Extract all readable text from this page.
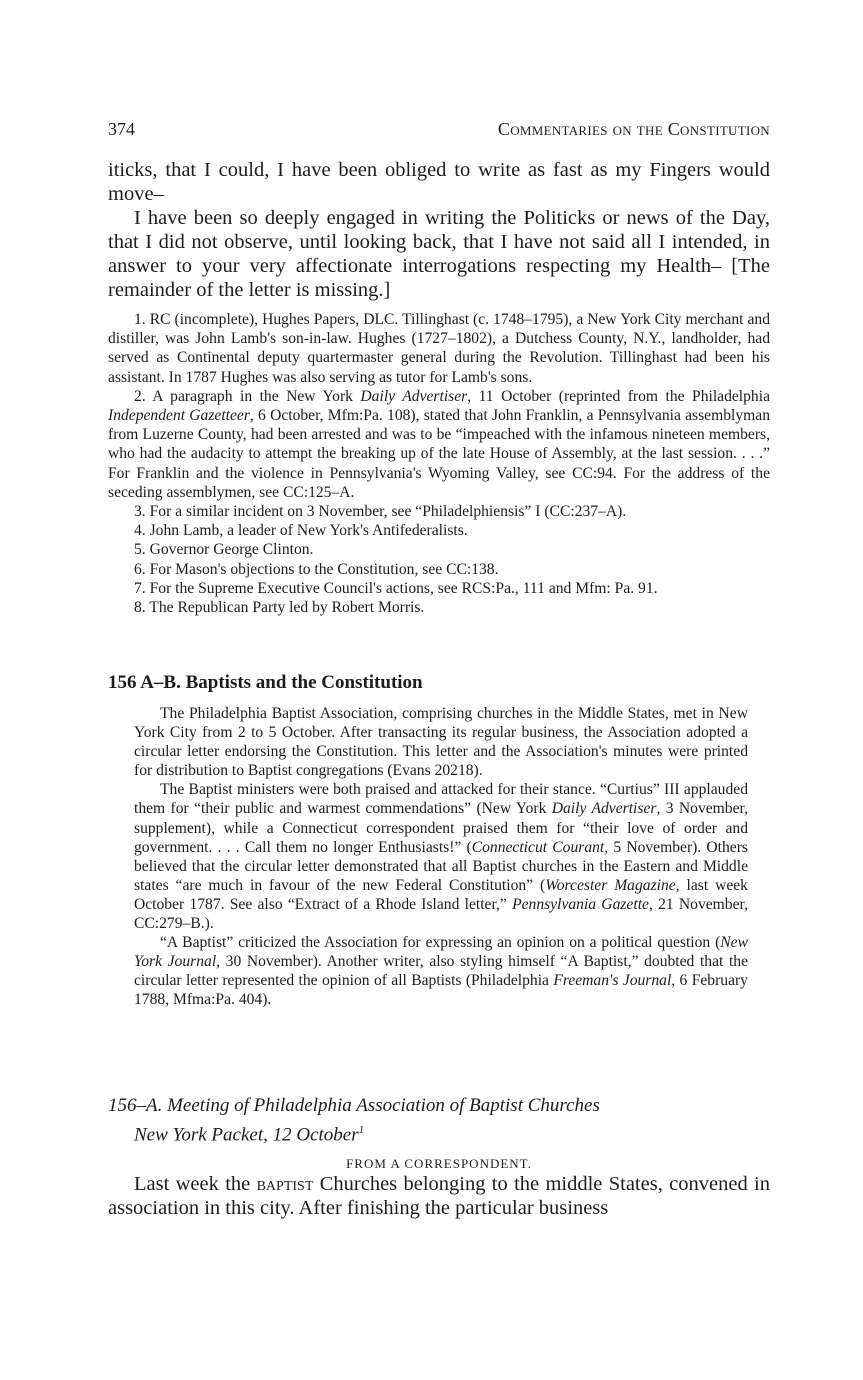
374	Commentaries on the Constitution

iticks, that I could, I have been obliged to write as fast as my Fingers would move–

I have been so deeply engaged in writing the Politicks or news of the Day, that I did not observe, until looking back, that I have not said all I intended, in answer to your very affectionate interrogations respecting my Health– [The remainder of the letter is missing.]

1. RC (incomplete), Hughes Papers, DLC. Tillinghast (c. 1748–1795), a New York City merchant and distiller, was John Lamb's son-in-law. Hughes (1727–1802), a Dutchess County, N.Y., landholder, had served as Continental deputy quartermaster general during the Revolution. Tillinghast had been his assistant. In 1787 Hughes was also serving as tutor for Lamb's sons.

2. A paragraph in the New York Daily Advertiser, 11 October (reprinted from the Philadelphia Independent Gazetteer, 6 October, Mfm:Pa. 108), stated that John Franklin, a Pennsylvania assemblyman from Luzerne County, had been arrested and was to be “impeached with the infamous nineteen members, who had the audacity to attempt the breaking up of the late House of Assembly, at the last session. . . .” For Franklin and the violence in Pennsylvania's Wyoming Valley, see CC:94. For the address of the seceding assemblymen, see CC:125–A.

3. For a similar incident on 3 November, see “Philadelphiensis” I (CC:237–A).

4. John Lamb, a leader of New York's Antifederalists.

5. Governor George Clinton.

6. For Mason's objections to the Constitution, see CC:138.

7. For the Supreme Executive Council's actions, see RCS:Pa., 111 and Mfm: Pa. 91.

8. The Republican Party led by Robert Morris.

156 A–B. Baptists and the Constitution

The Philadelphia Baptist Association, comprising churches in the Middle States, met in New York City from 2 to 5 October. After transacting its regular business, the Association adopted a circular letter endorsing the Constitution. This letter and the Association's minutes were printed for distribution to Baptist congregations (Evans 20218).

The Baptist ministers were both praised and attacked for their stance. “Curtius” III applauded them for “their public and warmest commendations” (New York Daily Advertiser, 3 November, supplement), while a Connecticut correspondent praised them for “their love of order and government. . . . Call them no longer Enthusiasts!” (Connecticut Courant, 5 November). Others believed that the circular letter demonstrated that all Baptist churches in the Eastern and Middle states “are much in favour of the new Federal Constitution” (Worcester Magazine, last week October 1787. See also “Extract of a Rhode Island letter,” Pennsylvania Gazette, 21 November, CC:279–B.).

“A Baptist” criticized the Association for expressing an opinion on a political question (New York Journal, 30 November). Another writer, also styling himself “A Baptist,” doubted that the circular letter represented the opinion of all Baptists (Philadelphia Freeman's Journal, 6 February 1788, Mfma:Pa. 404).

156–A. Meeting of Philadelphia Association of Baptist Churches
New York Packet, 12 October$^1$
FROM A CORRESPONDENT.
Last week the baptist Churches belonging to the middle States, convened in association in this city. After finishing the particular business
